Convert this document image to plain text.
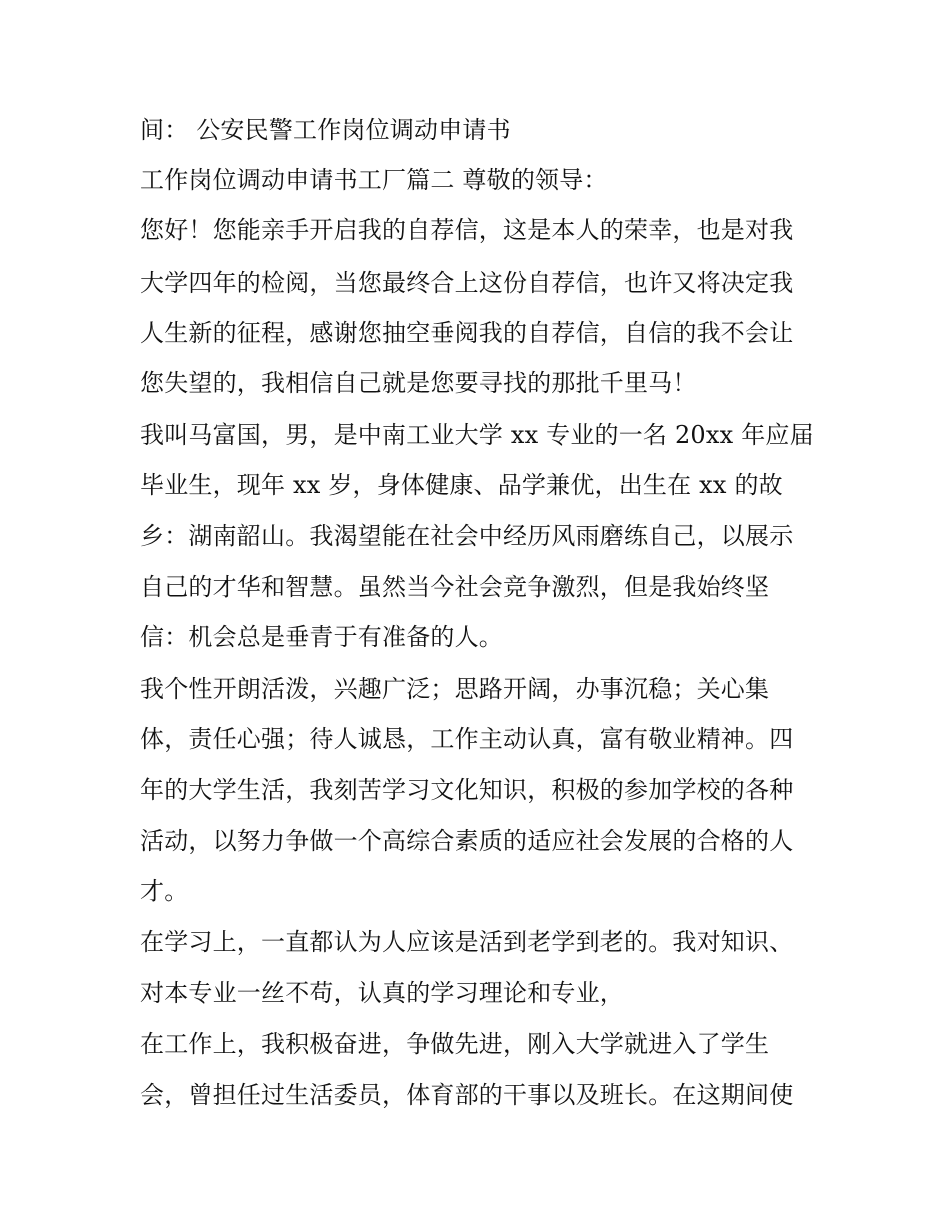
间： 公安民警工作岗位调动申请书
工作岗位调动申请书工厂篇二 尊敬的领导：
您好！您能亲手开启我的自荐信，这是本人的荣幸，也是对我
大学四年的检阅，当您最终合上这份自荐信，也许又将决定我
人生新的征程，感谢您抽空垂阅我的自荐信，自信的我不会让
您失望的，我相信自己就是您要寻找的那批千里马！
我叫马富国，男，是中南工业大学 xx 专业的一名 20xx 年应届
毕业生，现年 xx 岁，身体健康、品学兼优，出生在 xx 的故
乡：湖南韶山。我渴望能在社会中经历风雨磨练自己，以展示
自己的才华和智慧。虽然当今社会竞争激烈，但是我始终坚
信：机会总是垂青于有准备的人。
我个性开朗活泼，兴趣广泛；思路开阔，办事沉稳；关心集
体，责任心强；待人诚恳，工作主动认真，富有敬业精神。四
年的大学生活，我刻苦学习文化知识，积极的参加学校的各种
活动，以努力争做一个高综合素质的适应社会发展的合格的人
才。
在学习上，一直都认为人应该是活到老学到老的。我对知识、
对本专业一丝不苟，认真的学习理论和专业，
在工作上，我积极奋进，争做先进，刚入大学就进入了学生
会，曾担任过生活委员，体育部的干事以及班长。在这期间使
